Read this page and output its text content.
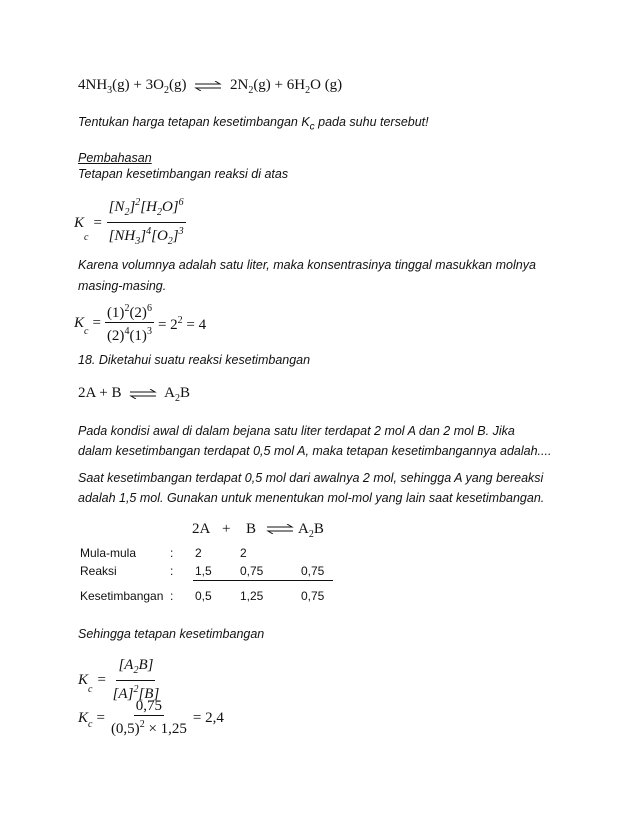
$4NH_3(g) + 3O_2(g)$ ⇌ $2N_2(g) + 6H_2O$ (g)
Tentukan harga tetapan kesetimbangan $K_c$ pada suhu tersebut!
Pembahasan
Tetapan kesetimbangan reaksi di atas
K
$_c$
= $\frac{[N_2]^2[H_2O]^6}{[NH_3]^4[O_2]^3}$
Karena volumnya adalah satu liter, maka konsentrasinya tinggal masukkan molnya
masing-masing.
K
$_c$
= $\frac{(1)^2(2)^6}{(2)^4(1)^3} = 2^2 = 4$
18. Diketahui suatu reaksi kesetimbangan
2A + B ⇌ $A_2B$
Pada kondisi awal di dalam bejana satu liter terdapat 2 mol A dan 2 mol B. Jika
dalam kesetimbangan terdapat 0,5 mol A, maka tetapan kesetimbangannya adalah....
Saat kesetimbangan terdapat 0,5 mol dari awalnya 2 mol, sehingga A yang bereaksi
adalah 1,5 mol. Gunakan untuk menentukan mol-mol yang lain saat kesetimbangan.
2A + B ⇌ $A_2B$
Mula-mula	: 2	2
Reaksi	: 1,5 0,75	0,75
Kesetimbangan : 0,5 1,25	0,75
Sehingga tetapan kesetimbangan
K
$_c$
= $\frac{[A_2B]}{[A]^2[B]}$
$K_c = \frac{0,75}{(0,5)^2 \times 1,25} = 2,4$
